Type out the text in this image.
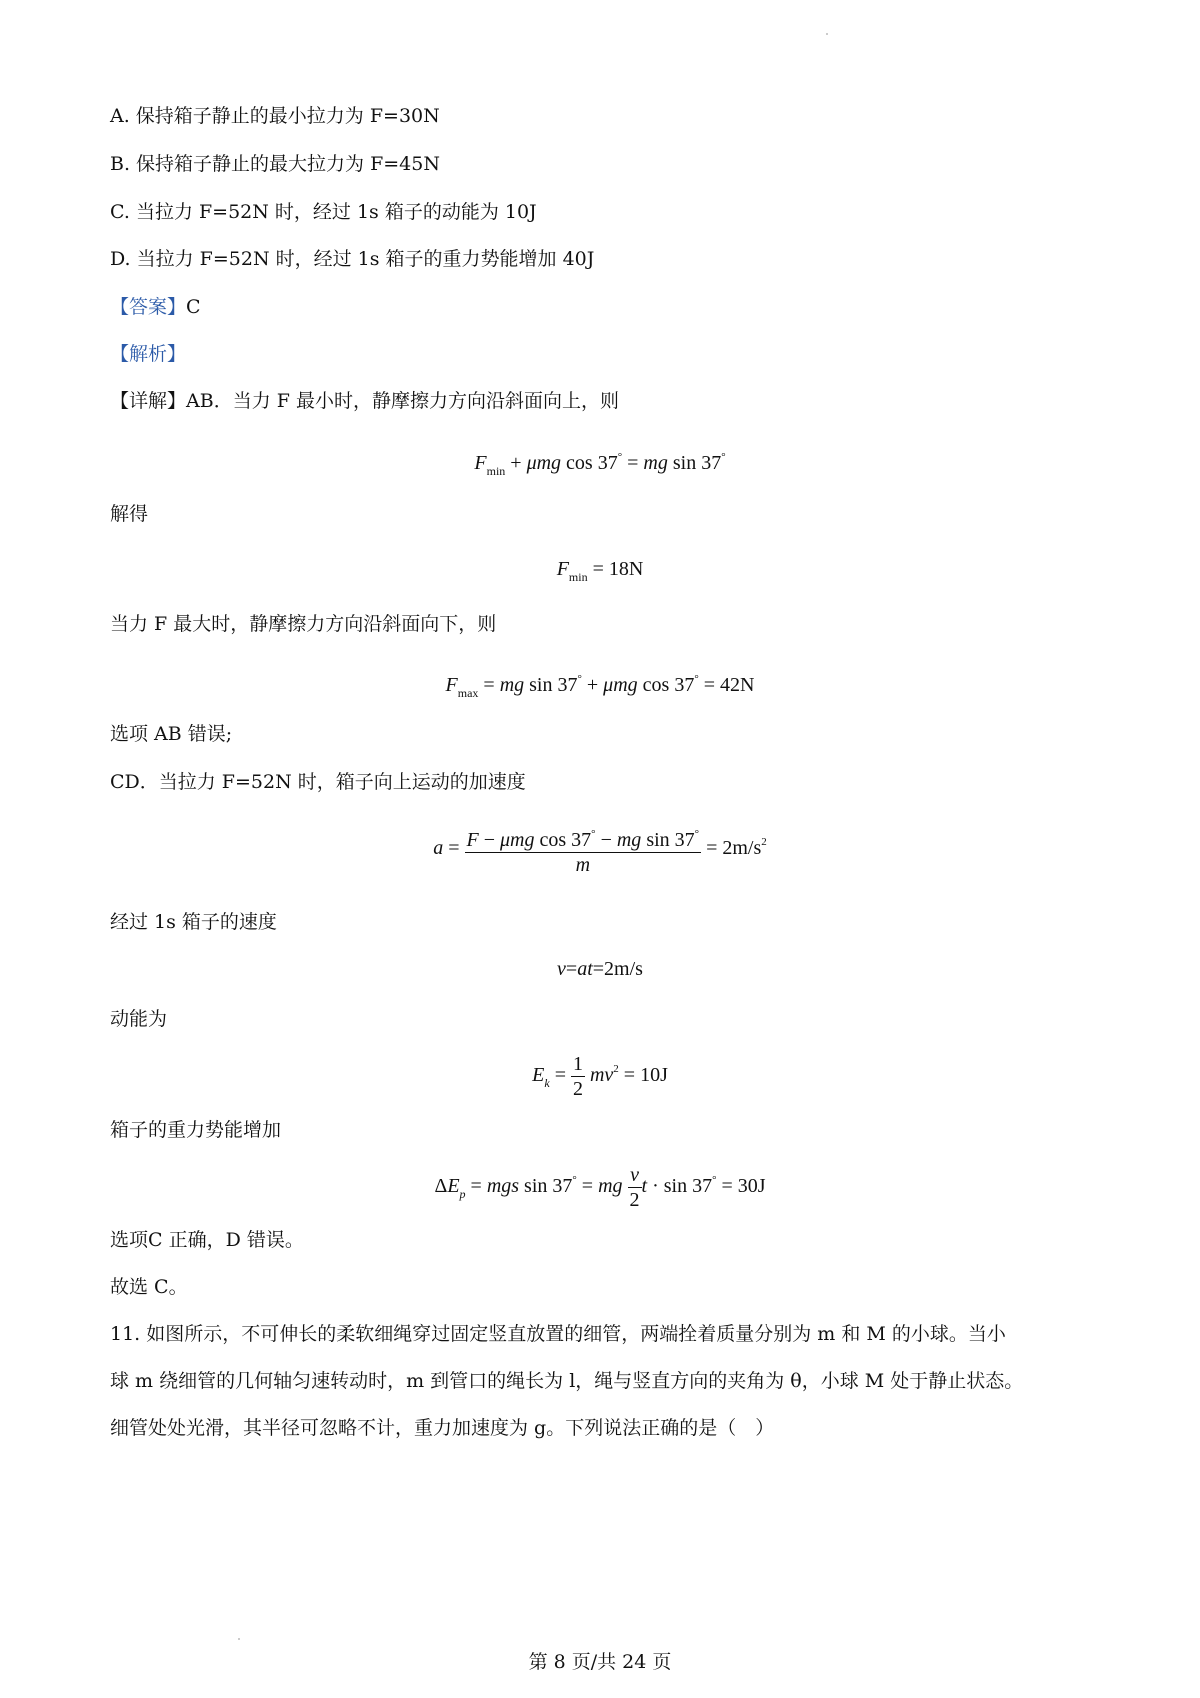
A. 保持箱子静止的最小拉力为 F=30N
B. 保持箱子静止的最大拉力为 F=45N
C. 当拉力 F=52N 时，经过 1s 箱子的动能为 10J
D. 当拉力 F=52N 时，经过 1s 箱子的重力势能增加 40J
【答案】C
【解析】
【详解】AB．当力 F 最小时，静摩擦力方向沿斜面向上，则
$F_{min} + \mu mg$ cos 37° = mg sin 37°
解得
$F_{min} = 18N$
当力 F 最大时，静摩擦力方向沿斜面向下，则
$F_{max}$ = mg sin 37° + μmg cos 37° = 42N
选项 AB 错误;
CD．当拉力 F=52N 时，箱子向上运动的加速度
$a = \frac{F - \mu mg \cos 37^\circ - mg \sin 37^\circ}{m} = 2m/s^2$
经过 1s 箱子的速度
v=at=2m/s
动能为
$E_k = \frac{1}{2} mv^2 = 10J$
箱子的重力势能增加
$\Delta E_p$ = mgs sin 37° = mg $\frac{v}{2}$ t · sin 37° = 30J
选项C 正确，D 错误。
故选 C。
11. 如图所示，不可伸长的柔软细绳穿过固定竖直放置的细管，两端拴着质量分别为 m 和 M 的小球。当小
球 m 绕细管的几何轴匀速转动时，m 到管口的绳长为 l，绳与竖直方向的夹角为 θ，小球 M 处于静止状态。
细管处处光滑，其半径可忽略不计，重力加速度为 g。下列说法正确的是（　）
第 8 页/共 24 页
